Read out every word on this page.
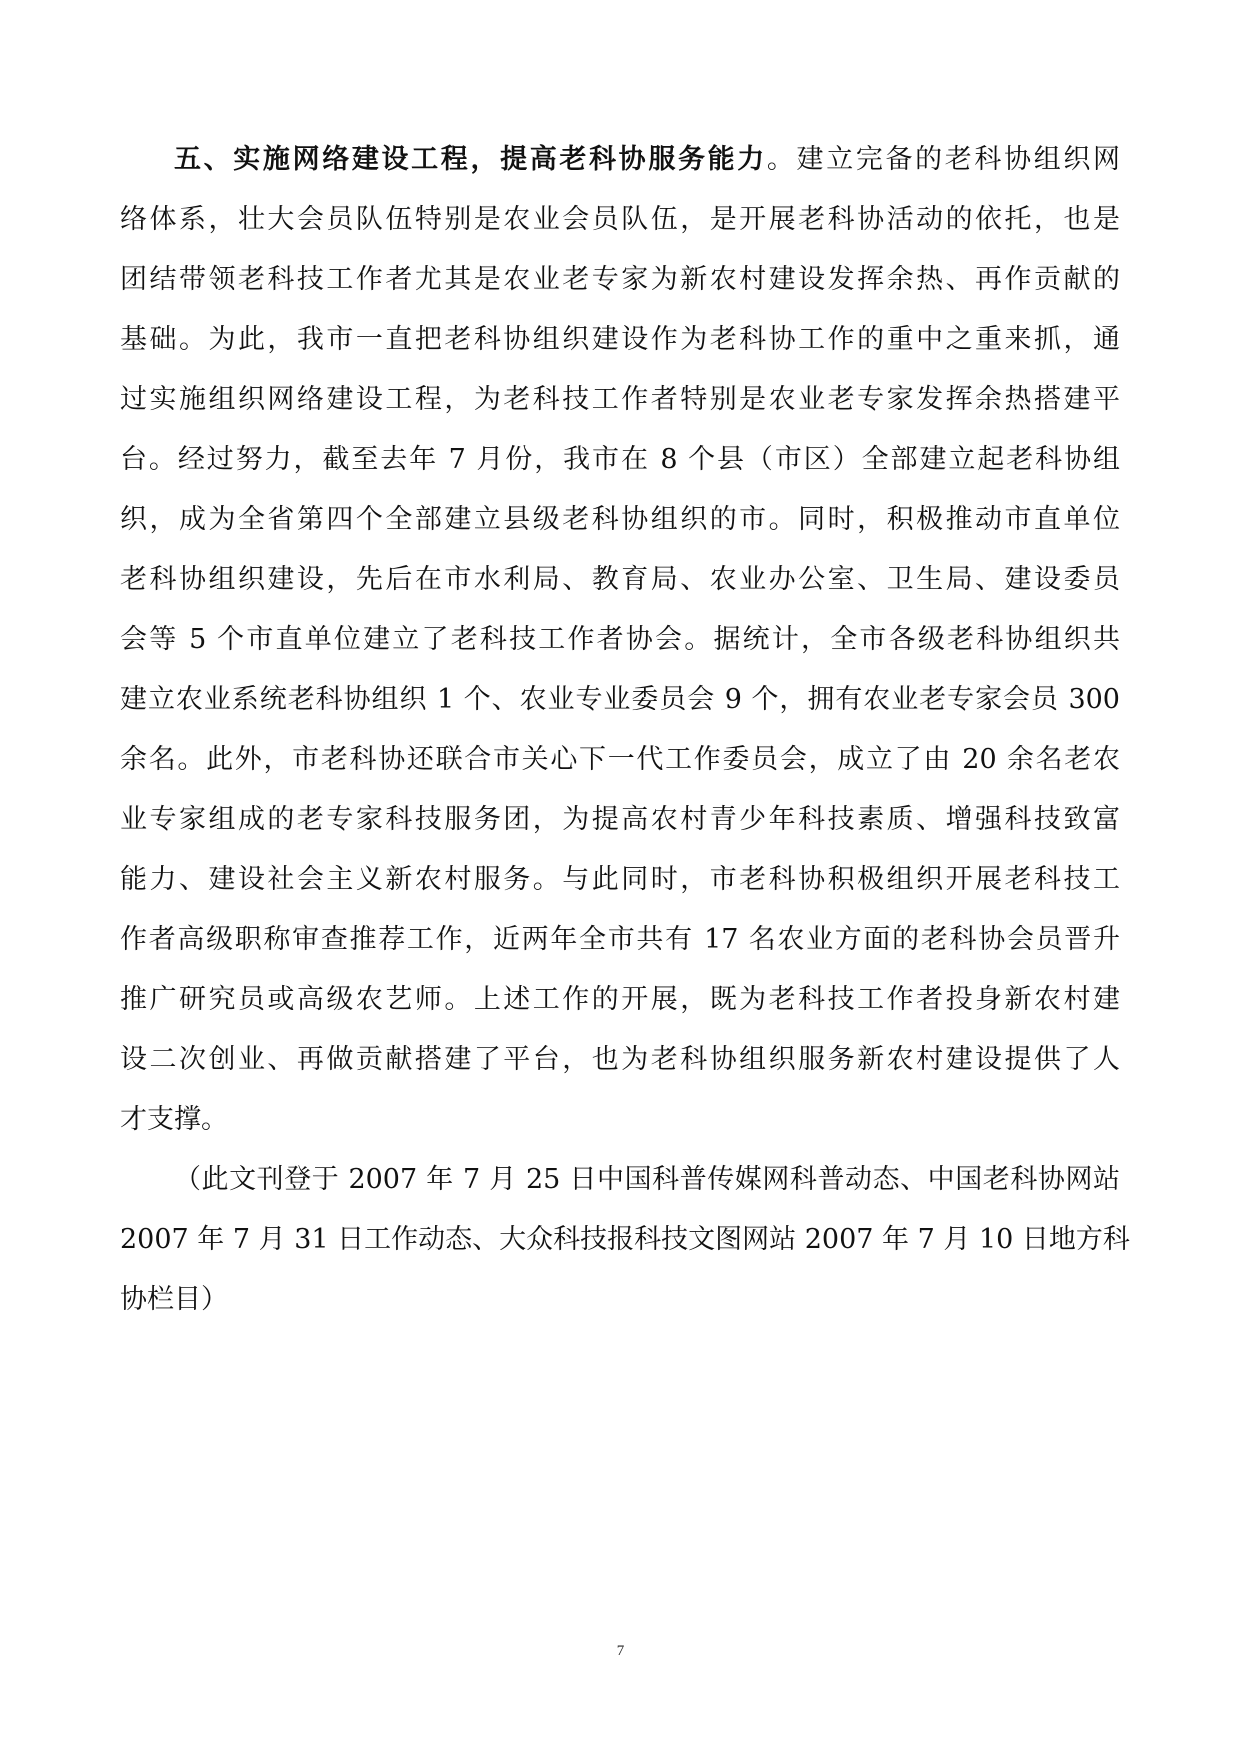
五、实施网络建设工程，提高老科协服务能力。建立完备的老科协组织网
络体系，壮大会员队伍特别是农业会员队伍，是开展老科协活动的依托，也是
团结带领老科技工作者尤其是农业老专家为新农村建设发挥余热、再作贡献的
基础。为此，我市一直把老科协组织建设作为老科协工作的重中之重来抓，通
过实施组织网络建设工程，为老科技工作者特别是农业老专家发挥余热搭建平
台。经过努力，截至去年 7 月份，我市在 8 个县（市区）全部建立起老科协组
织，成为全省第四个全部建立县级老科协组织的市。同时，积极推动市直单位
老科协组织建设，先后在市水利局、教育局、农业办公室、卫生局、建设委员
会等 5 个市直单位建立了老科技工作者协会。据统计，全市各级老科协组织共
建立农业系统老科协组织 1 个、农业专业委员会 9 个，拥有农业老专家会员 300
余名。此外，市老科协还联合市关心下一代工作委员会，成立了由 20 余名老农
业专家组成的老专家科技服务团，为提高农村青少年科技素质、增强科技致富
能力、建设社会主义新农村服务。与此同时，市老科协积极组织开展老科技工
作者高级职称审查推荐工作，近两年全市共有 17 名农业方面的老科协会员晋升
推广研究员或高级农艺师。上述工作的开展，既为老科技工作者投身新农村建
设二次创业、再做贡献搭建了平台，也为老科协组织服务新农村建设提供了人
才支撑。
（此文刊登于 2007 年 7 月 25 日中国科普传媒网科普动态、中国老科协网站
2007 年 7 月 31 日工作动态、大众科技报科技文图网站 2007 年 7 月 10 日地方科
协栏目）
7
